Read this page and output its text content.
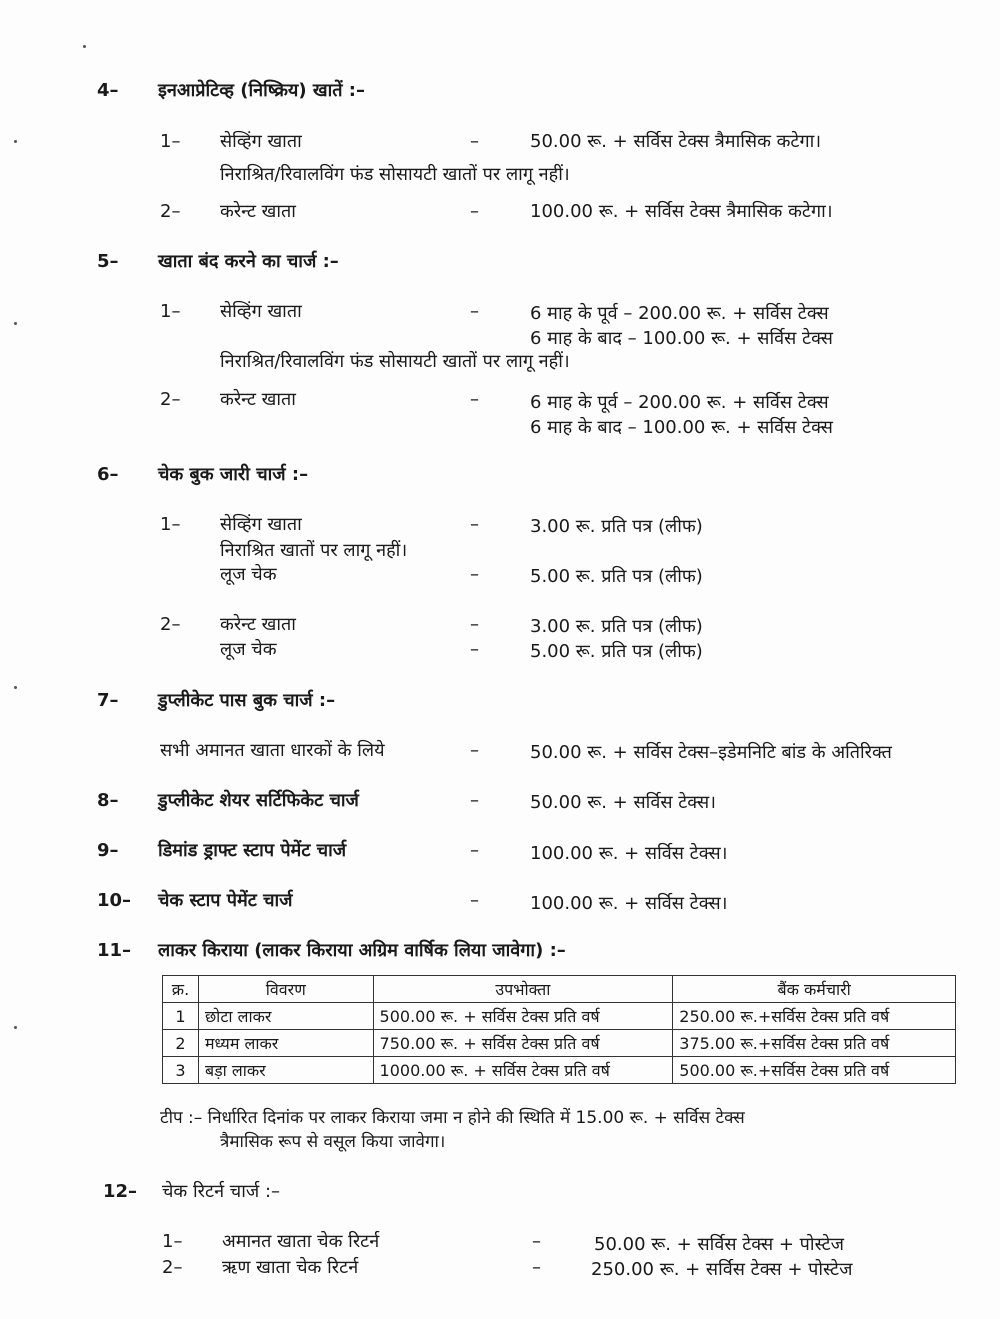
4– इनआप्रेटिव्ह (निष्क्रिय) खातें :–
1– सेव्हिंग खाता	–	50.00 रू. + सर्विस टेक्स त्रैमासिक कटेगा।
निराश्रित/रिवालविंग फंड सोसायटी खातों पर लागू नहीं।
2– करेन्ट खाता	–	100.00 रू. + सर्विस टेक्स त्रैमासिक कटेगा।
5– खाता बंद करने का चार्ज :–
1– सेव्हिंग खाता	–	6 माह के पूर्व – 200.00 रू. + सर्विस टेक्स
6 माह के बाद – 100.00 रू. + सर्विस टेक्स
निराश्रित/रिवालविंग फंड सोसायटी खातों पर लागू नहीं।
2– करेन्ट खाता	–	6 माह के पूर्व – 200.00 रू. + सर्विस टेक्स
6 माह के बाद – 100.00 रू. + सर्विस टेक्स
6– चेक बुक जारी चार्ज :–
1– सेव्हिंग खाता	–	3.00 रू. प्रति पत्र (लीफ)
निराश्रित खातों पर लागू नहीं।
लूज चेक	–	5.00 रू. प्रति पत्र (लीफ)
2– करेन्ट खाता	–	3.00 रू. प्रति पत्र (लीफ)
लूज चेक	–	5.00 रू. प्रति पत्र (लीफ)
7– डुप्लीकेट पास बुक चार्ज :–
सभी अमानत खाता धारकों के लिये	–	50.00 रू. + सर्विस टेक्स–इडेमनिटि बांड के अतिरिक्त
8– डुप्लीकेट शेयर सर्टिफिकेट चार्ज	–	50.00 रू. + सर्विस टेक्स।
9– डिमांड ड्राफ्ट स्टाप पेमेंट चार्ज	–	100.00 रू. + सर्विस टेक्स।
10– चेक स्टाप पेमेंट चार्ज	–	100.00 रू. + सर्विस टेक्स।
11– लाकर किराया (लाकर किराया अग्रिम वार्षिक लिया जावेगा) :–
क्र.	विवरण	उपभोक्ता	बैंक कर्मचारी
1	छोटा लाकर	500.00 रू. + सर्विस टेक्स प्रति वर्ष	250.00 रू.+सर्विस टेक्स प्रति वर्ष
2	मध्यम लाकर	750.00 रू. + सर्विस टेक्स प्रति वर्ष	375.00 रू.+सर्विस टेक्स प्रति वर्ष
3	बड़ा लाकर	1000.00 रू. + सर्विस टेक्स प्रति वर्ष	500.00 रू.+सर्विस टेक्स प्रति वर्ष
टीप :– निर्धारित दिनांक पर लाकर किराया जमा न होने की स्थिति में 15.00 रू. + सर्विस टेक्स
त्रैमासिक रूप से वसूल किया जावेगा।
12– चेक रिटर्न चार्ज :–
1– अमानत खाता चेक रिटर्न	–	50.00 रू. + सर्विस टेक्स + पोस्टेज
2– ऋण खाता चेक रिटर्न	–	250.00 रू. + सर्विस टेक्स + पोस्टेज
